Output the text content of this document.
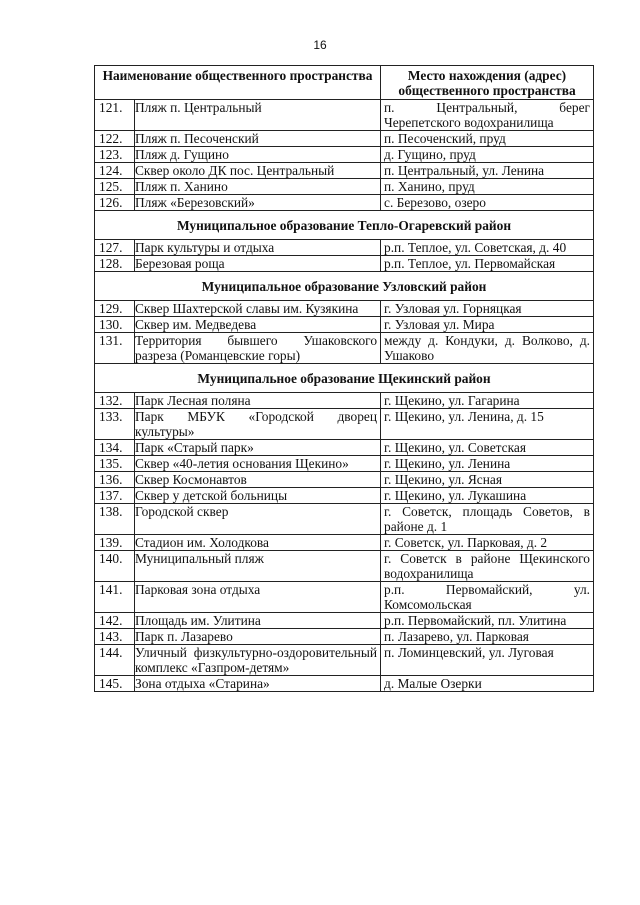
16
Наименование общественного пространства		Место нахождения (адрес) общественного пространства
121.	Пляж п. Центральный	п. Центральный, берег Черепетского водохранилища
122.	Пляж п. Песоченский	п. Песоченский, пруд
123.	Пляж д. Гущино	д. Гущино, пруд
124.	Сквер около ДК пос. Центральный	п. Центральный, ул. Ленина
125.	Пляж п. Ханино	п. Ханино, пруд
126.	Пляж «Березовский»	с. Березово, озеро
Муниципальное образование Тепло-Огаревский район		
127.	Парк культуры и отдыха	р.п. Теплое, ул. Советская, д. 40
128.	Березовая роща	р.п. Теплое, ул. Первомайская
Муниципальное образование Узловский район		
129.	Сквер Шахтерской славы им. Кузякина	г. Узловая ул. Горняцкая
130.	Сквер им. Медведева	г. Узловая ул. Мира
131.	Территория бывшего Ушаковского разреза (Романцевские горы)	между д. Кондуки, д. Волково, д. Ушаково
Муниципальное образование Щекинский район		
132.	Парк Лесная поляна	г. Щекино, ул. Гагарина
133.	Парк МБУК «Городской дворец культуры»	г. Щекино, ул. Ленина, д. 15
134.	Парк «Старый парк»	г. Щекино, ул. Советская
135.	Сквер «40-летия основания Щекино»	г. Щекино, ул. Ленина
136.	Сквер Космонавтов	г. Щекино, ул. Ясная
137.	Сквер у детской больницы	г. Щекино, ул. Лукашина
138.	Городской сквер	г. Советск, площадь Советов, в районе д. 1
139.	Стадион им. Холодкова	г. Советск, ул. Парковая, д. 2
140.	Муниципальный пляж	г. Советск в районе Щекинского водохранилища
141.	Парковая зона отдыха	р.п. Первомайский, ул. Комсомольская
142.	Площадь им. Улитина	р.п. Первомайский, пл. Улитина
143.	Парк п. Лазарево	п. Лазарево, ул. Парковая
144.	Уличный физкультурно-оздоровительный комплекс «Газпром-детям»	п. Ломинцевский, ул. Луговая
145.	Зона отдыха «Старина»	д. Малые Озерки
